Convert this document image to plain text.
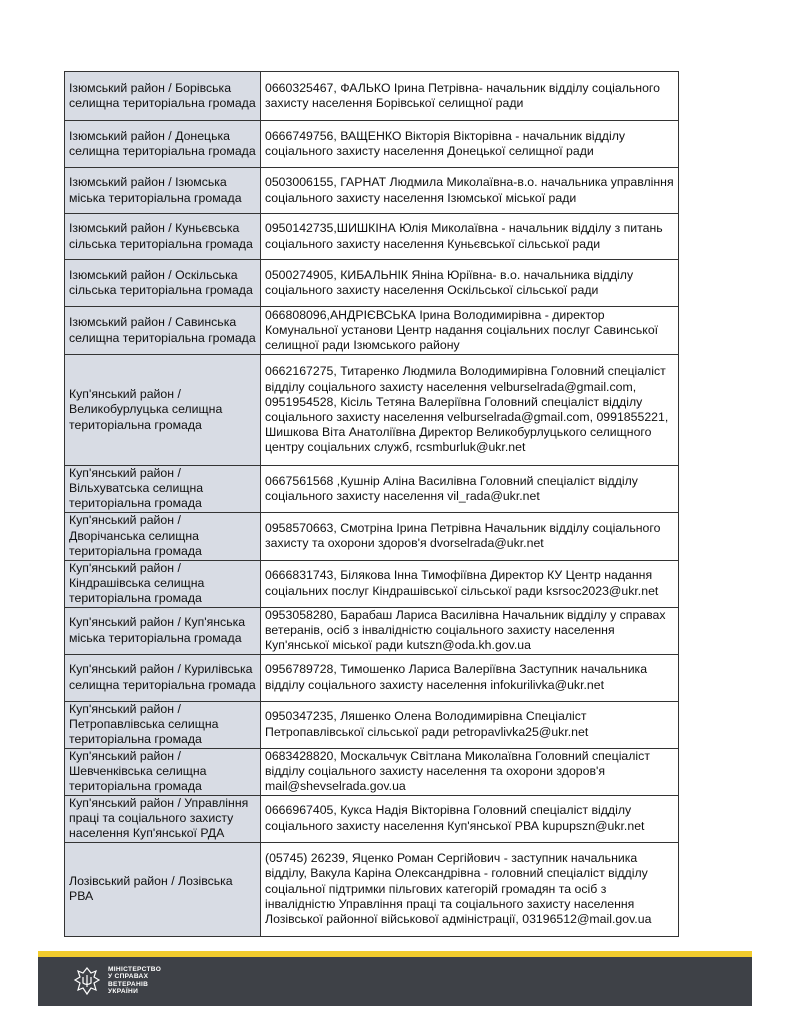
Ізюмський район / Борівська селищна територіальна громада	0660325467, ФАЛЬКО Ірина Петрівна- начальник відділу соціального захисту населення Борівської селищної ради
Ізюмський район / Донецька селищна територіальна громада	0666749756, ВАЩЕНКО Вікторія Вікторівна - начальник відділу соціального захисту населення Донецької селищної ради
Ізюмський район / Ізюмська міська територіальна громада	0503006155, ГАРНАТ Людмила Миколаївна-в.о. начальника управління соціального захисту населення Ізюмської міської ради
Ізюмський район / Куньєвська сільська територіальна громада	0950142735,ШИШКІНА Юлія Миколаївна - начальник відділу з питань соціального захисту населення Куньєвської сільської ради
Ізюмський район / Оскільська сільська територіальна громада	0500274905, КИБАЛЬНІК Яніна Юріївна- в.о. начальника відділу соціального захисту населення Оскільської сільської ради
Ізюмський район / Савинська селищна територіальна громада	066808096,АНДРІЄВСЬКА Ірина Володимирівна - директор Комунальної установи Центр надання соціальних послуг Савинської селищної ради Ізюмського району
Куп'янський район / Великобурлуцька селищна територіальна громада	0662167275, Титаренко Людмила Володимирівна Головний спеціаліст відділу соціального захисту населення velburselrada@gmail.com, 0951954528, Кісіль Тетяна Валеріївна Головний спеціаліст відділу соціального захисту населення velburselrada@gmail.com, 0991855221, Шишкова Віта Анатоліївна Директор Великобурлуцького селищного центру соціальних служб, rcsmburluk@ukr.net
Куп'янський район / Вільхуватська селищна територіальна громада	0667561568 ,Кушнір Аліна Василівна Головний спеціаліст відділу соціального захисту населення vil_rada@ukr.net
Куп'янський район / Дворічанська селищна територіальна громада	0958570663, Смотріна Ірина Петрівна Начальник відділу соціального захисту та охорони здоров'я dvorselrada@ukr.net
Куп'янський район / Кіндрашівська селищна територіальна громада	0666831743, Білякова Інна Тимофіївна Директор КУ Центр надання соціальних послуг Кіндрашівської сільської ради ksrsoc2023@ukr.net
Куп'янський район / Куп'янська міська територіальна громада	0953058280, Барабаш Лариса Василівна Начальник відділу у справах ветеранів, осіб з інвалідністю соціального захисту населення Куп'янської міської ради kutszn@oda.kh.gov.ua
Куп'янський район / Курилівська селищна територіальна громада	0956789728, Тимошенко Лариса Валеріївна Заступник начальника відділу соціального захисту населення infokurilivka@ukr.net
Куп'янський район / Петропавлівська селищна територіальна громада	0950347235, Ляшенко Олена Володимирівна Спеціаліст Петропавлівської сільської ради petropavlivka25@ukr.net
Куп'янський район / Шевченківська селищна територіальна громада	0683428820, Москальчук Світлана Миколаївна Головний спеціаліст відділу соціального захисту населення та охорони здоров'я mail@shevselrada.gov.ua
Куп'янський район / Управління праці та соціального захисту населення Куп'янської РДА	0666967405, Кукса Надія Вікторівна Головний спеціаліст відділу соціального захисту населення Куп'янської РВА kupupszn@ukr.net
Лозівський район / Лозівська РВА	(05745) 26239, Яценко Роман Сергійович - заступник начальника відділу, Вакула Каріна Олександрівна - головний спеціаліст відділу соціальної підтримки пільгових категорій громадян та осіб з інвалідністю Управління праці та соціального захисту населення Лозівської районної військової адміністрації, 03196512@mail.gov.ua
МІНІСТЕРСТВО
У СПРАВАХ
ВЕТЕРАНІВ
УКРАЇНИ
